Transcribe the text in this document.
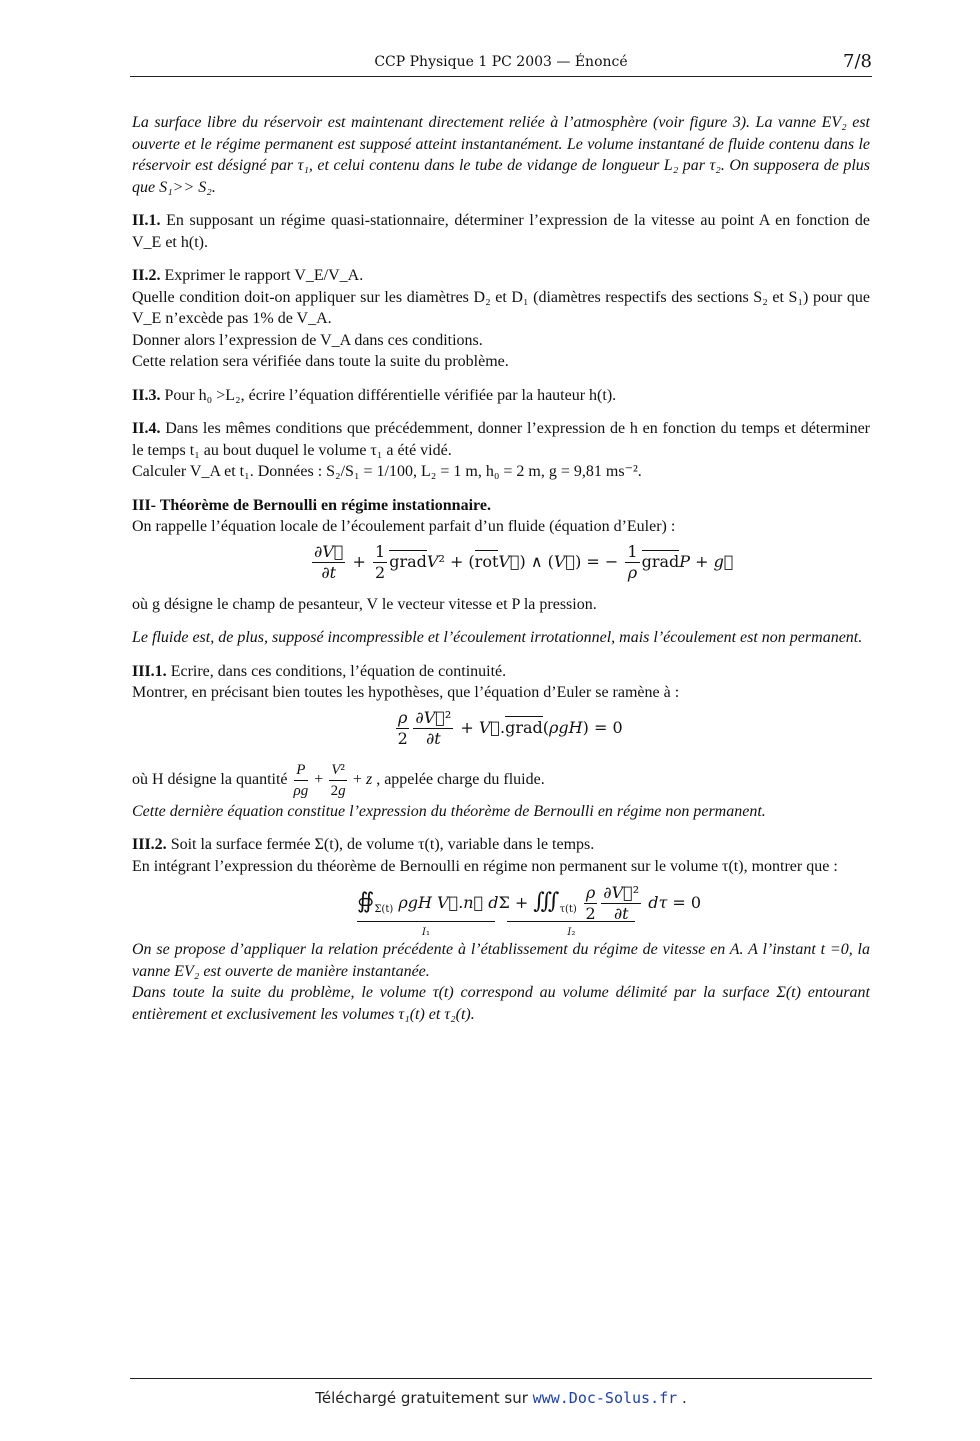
CCP Physique 1 PC 2003 — Énoncé	7/8

La surface libre du réservoir est maintenant directement reliée à l’atmosphère (voir figure 3). La vanne EV₂ est ouverte et le régime permanent est supposé atteint instantanément. Le volume instantané de fluide contenu dans le réservoir est désigné par τ₁, et celui contenu dans le tube de vidange de longueur L₂ par τ₂. On supposera de plus que S₁>> S₂.

II.1. En supposant un régime quasi-stationnaire, déterminer l’expression de la vitesse au point A en fonction de V_E et h(t).

II.2. Exprimer le rapport V_E/V_A.

Quelle condition doit-on appliquer sur les diamètres D₂ et D₁ (diamètres respectifs des sections S₂ et S₁) pour que V_E n’excède pas 1% de V_A.

Donner alors l’expression de V_A dans ces conditions.

Cette relation sera vérifiée dans toute la suite du problème.

II.3. Pour h₀ >L₂, écrire l’équation différentielle vérifiée par la hauteur h(t).

II.4. Dans les mêmes conditions que précédemment, donner l’expression de h en fonction du temps et déterminer le temps t₁ au bout duquel le volume τ₁ a été vidé.

Calculer V_A et t₁. Données : S₂/S₁ = 1/100, L₂ = 1 m, h₀ = 2 m, g = 9,81 ms⁻².

III- Théorème de Bernoulli en régime instationnaire.

On rappelle l’équation locale de l’écoulement parfait d’un fluide (équation d’Euler) :

$\frac{\partial V⃗}{\partial t} + \frac{1}{2}$ gradV² + (rotV⃗) ∧ (V⃗) = − $\frac{1}{\rho}$ gradP + g⃗

où g désigne le champ de pesanteur, V le vecteur vitesse et P la pression.

Le fluide est, de plus, supposé incompressible et l’écoulement irrotationnel, mais l’écoulement est non permanent.

III.1. Ecrire, dans ces conditions, l’équation de continuité.

Montrer, en précisant bien toutes les hypothèses, que l’équation d’Euler se ramène à :

$\frac{\rho}{2} \frac{\text{∂V⃗²}}{\partial t}$ + V⃗.grad(ρgH) = 0

où H désigne la quantité $\frac{P}{\rho g} + \frac{\text{V²}}{2g} + z$ , appelée charge du fluide.

Cette dernière équation constitue l’expression du théorème de Bernoulli en régime non permanent.

III.2. Soit la surface fermée Σ(t), de volume τ(t), variable dans le temps.

En intégrant l’expression du théorème de Bernoulli en régime non permanent sur le volume τ(t), montrer que :

$∯_{\Sigma(t)}$ ρgH V⃗.n⃗ $d\Sigma + ∭_{\tau(t)} \frac{\rho}{2} \frac{\text{∂V⃗²}}{\partial t}$ dτ = 0
I₁	I₂

On se propose d’appliquer la relation précédente à l’établissement du régime de vitesse en A. A l’instant t =0, la vanne EV₂ est ouverte de manière instantanée.

Dans toute la suite du problème, le volume τ(t) correspond au volume délimité par la surface Σ(t) entourant entièrement et exclusivement les volumes τ₁(t) et τ₂(t).

Téléchargé gratuitement sur www.Doc-Solus.fr .
